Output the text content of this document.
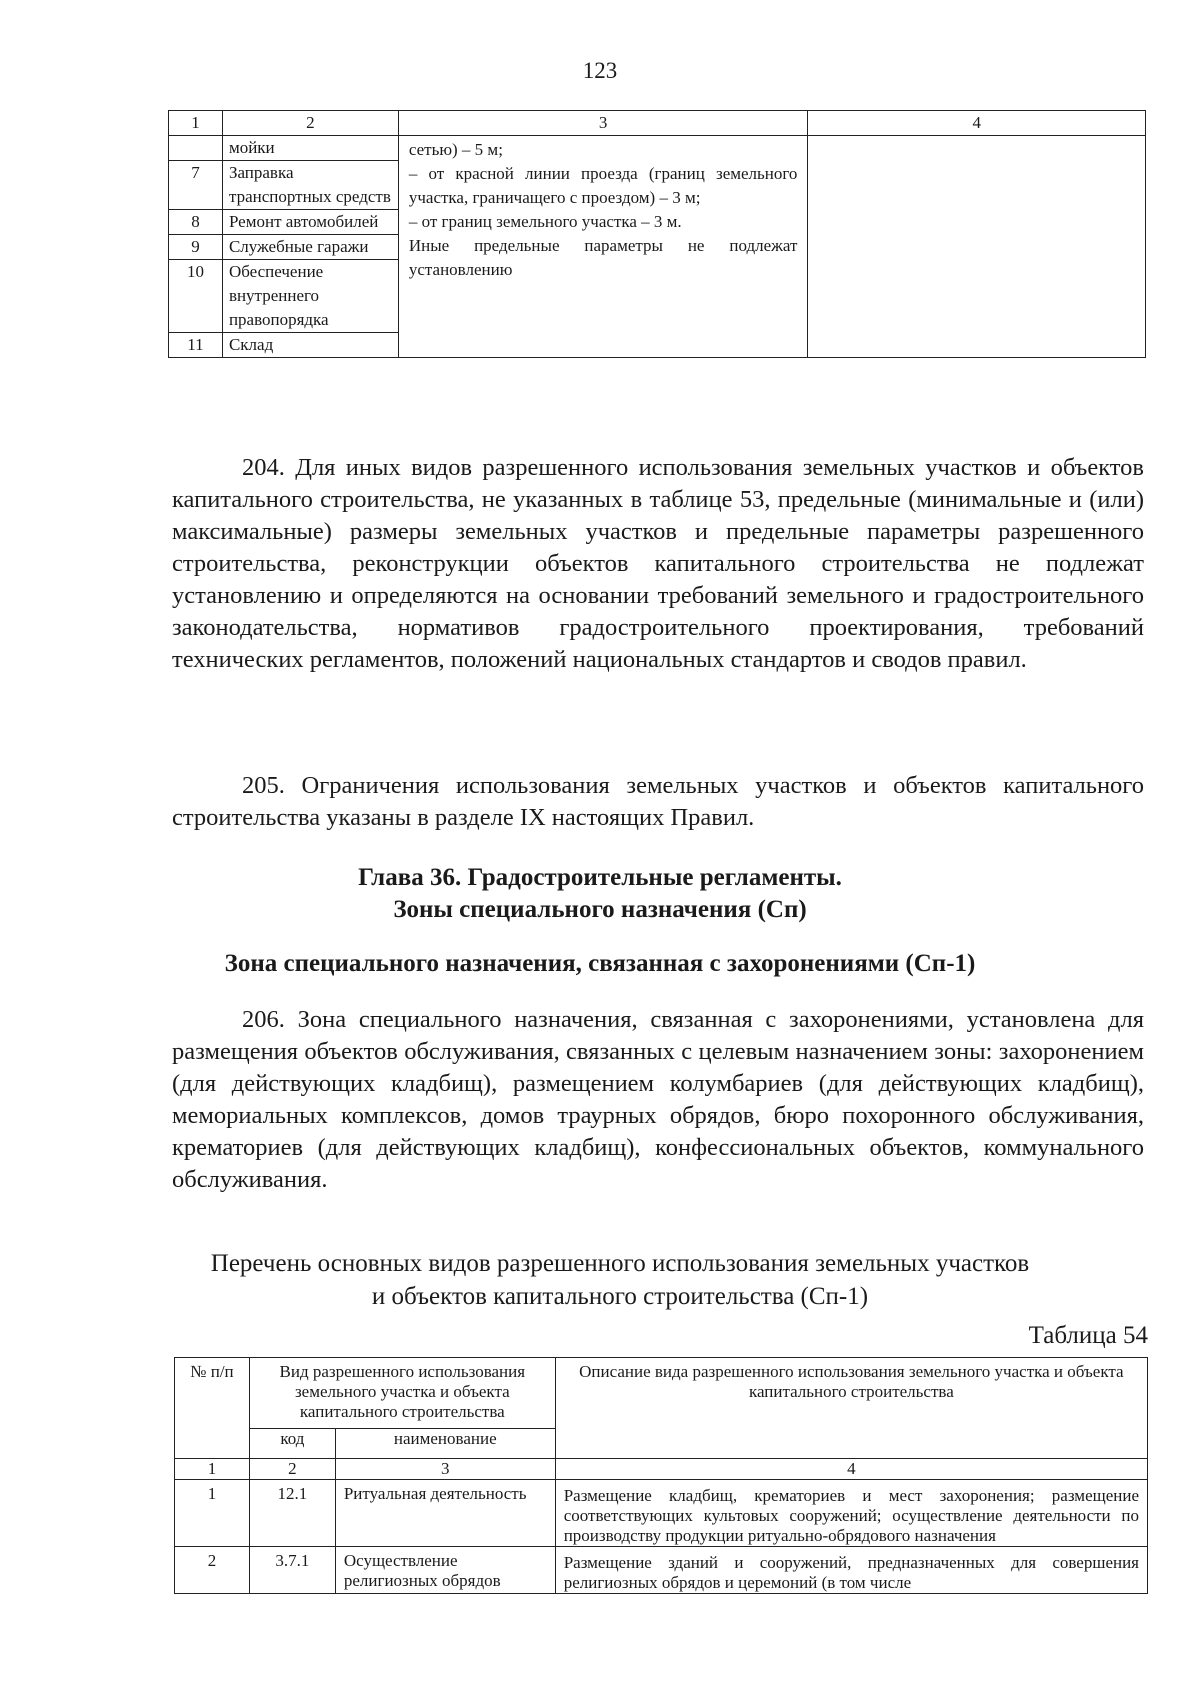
123
1	2	3	4
	мойки	сетью) – 5 м;
– от красной линии проезда (границ земельного участка, граничащего с проездом) – 3 м;
– от границ земельного участка – 3 м.
Иные предельные параметры не подлежат установлению	

7	Заправка транспортных средств		
8	Ремонт автомобилей		
9	Служебные гаражи		
10	Обеспечение внутреннего правопорядка		
11	Склад		
204. Для иных видов разрешенного использования земельных участков и объектов капитального строительства, не указанных в таблице 53, предельные (минимальные и (или) максимальные) размеры земельных участков и предельные параметры разрешенного строительства, реконструкции объектов капитального строительства не подлежат установлению и определяются на основании требований земельного и градостроительного законодательства, нормативов градостроительного проектирования, требований технических регламентов, положений национальных стандартов и сводов правил.
205. Ограничения использования земельных участков и объектов капитального строительства указаны в разделе IX настоящих Правил.
Глава 36. Градостроительные регламенты.
Зоны специального назначения (Сп)
Зона специального назначения, связанная с захоронениями (Сп-1)
206. Зона специального назначения, связанная с захоронениями, установлена для размещения объектов обслуживания, связанных с целевым назначением зоны: захоронением (для действующих кладбищ), размещением колумбариев (для действующих кладбищ), мемориальных комплексов, домов траурных обрядов, бюро похоронного обслуживания, крематориев (для действующих кладбищ), конфессиональных объектов, коммунального обслуживания.
Перечень основных видов разрешенного использования земельных участков
и объектов капитального строительства (Сп-1)
Таблица 54
№ п/п	Вид разрешенного использования земельного участка и объекта капитального строительства		Описание вида разрешенного использования земельного участка и объекта капитального строительства
	код	наименование	
1	2	3	4
1	12.1	Ритуальная деятельность	Размещение кладбищ, крематориев и мест захоронения; размещение соответствующих культовых сооружений; осуществление деятельности по производству продукции ритуально-обрядового назначения
2	3.7.1	Осуществление религиозных обрядов	Размещение зданий и сооружений, предназначенных для совершения религиозных обрядов и церемоний (в том числе
